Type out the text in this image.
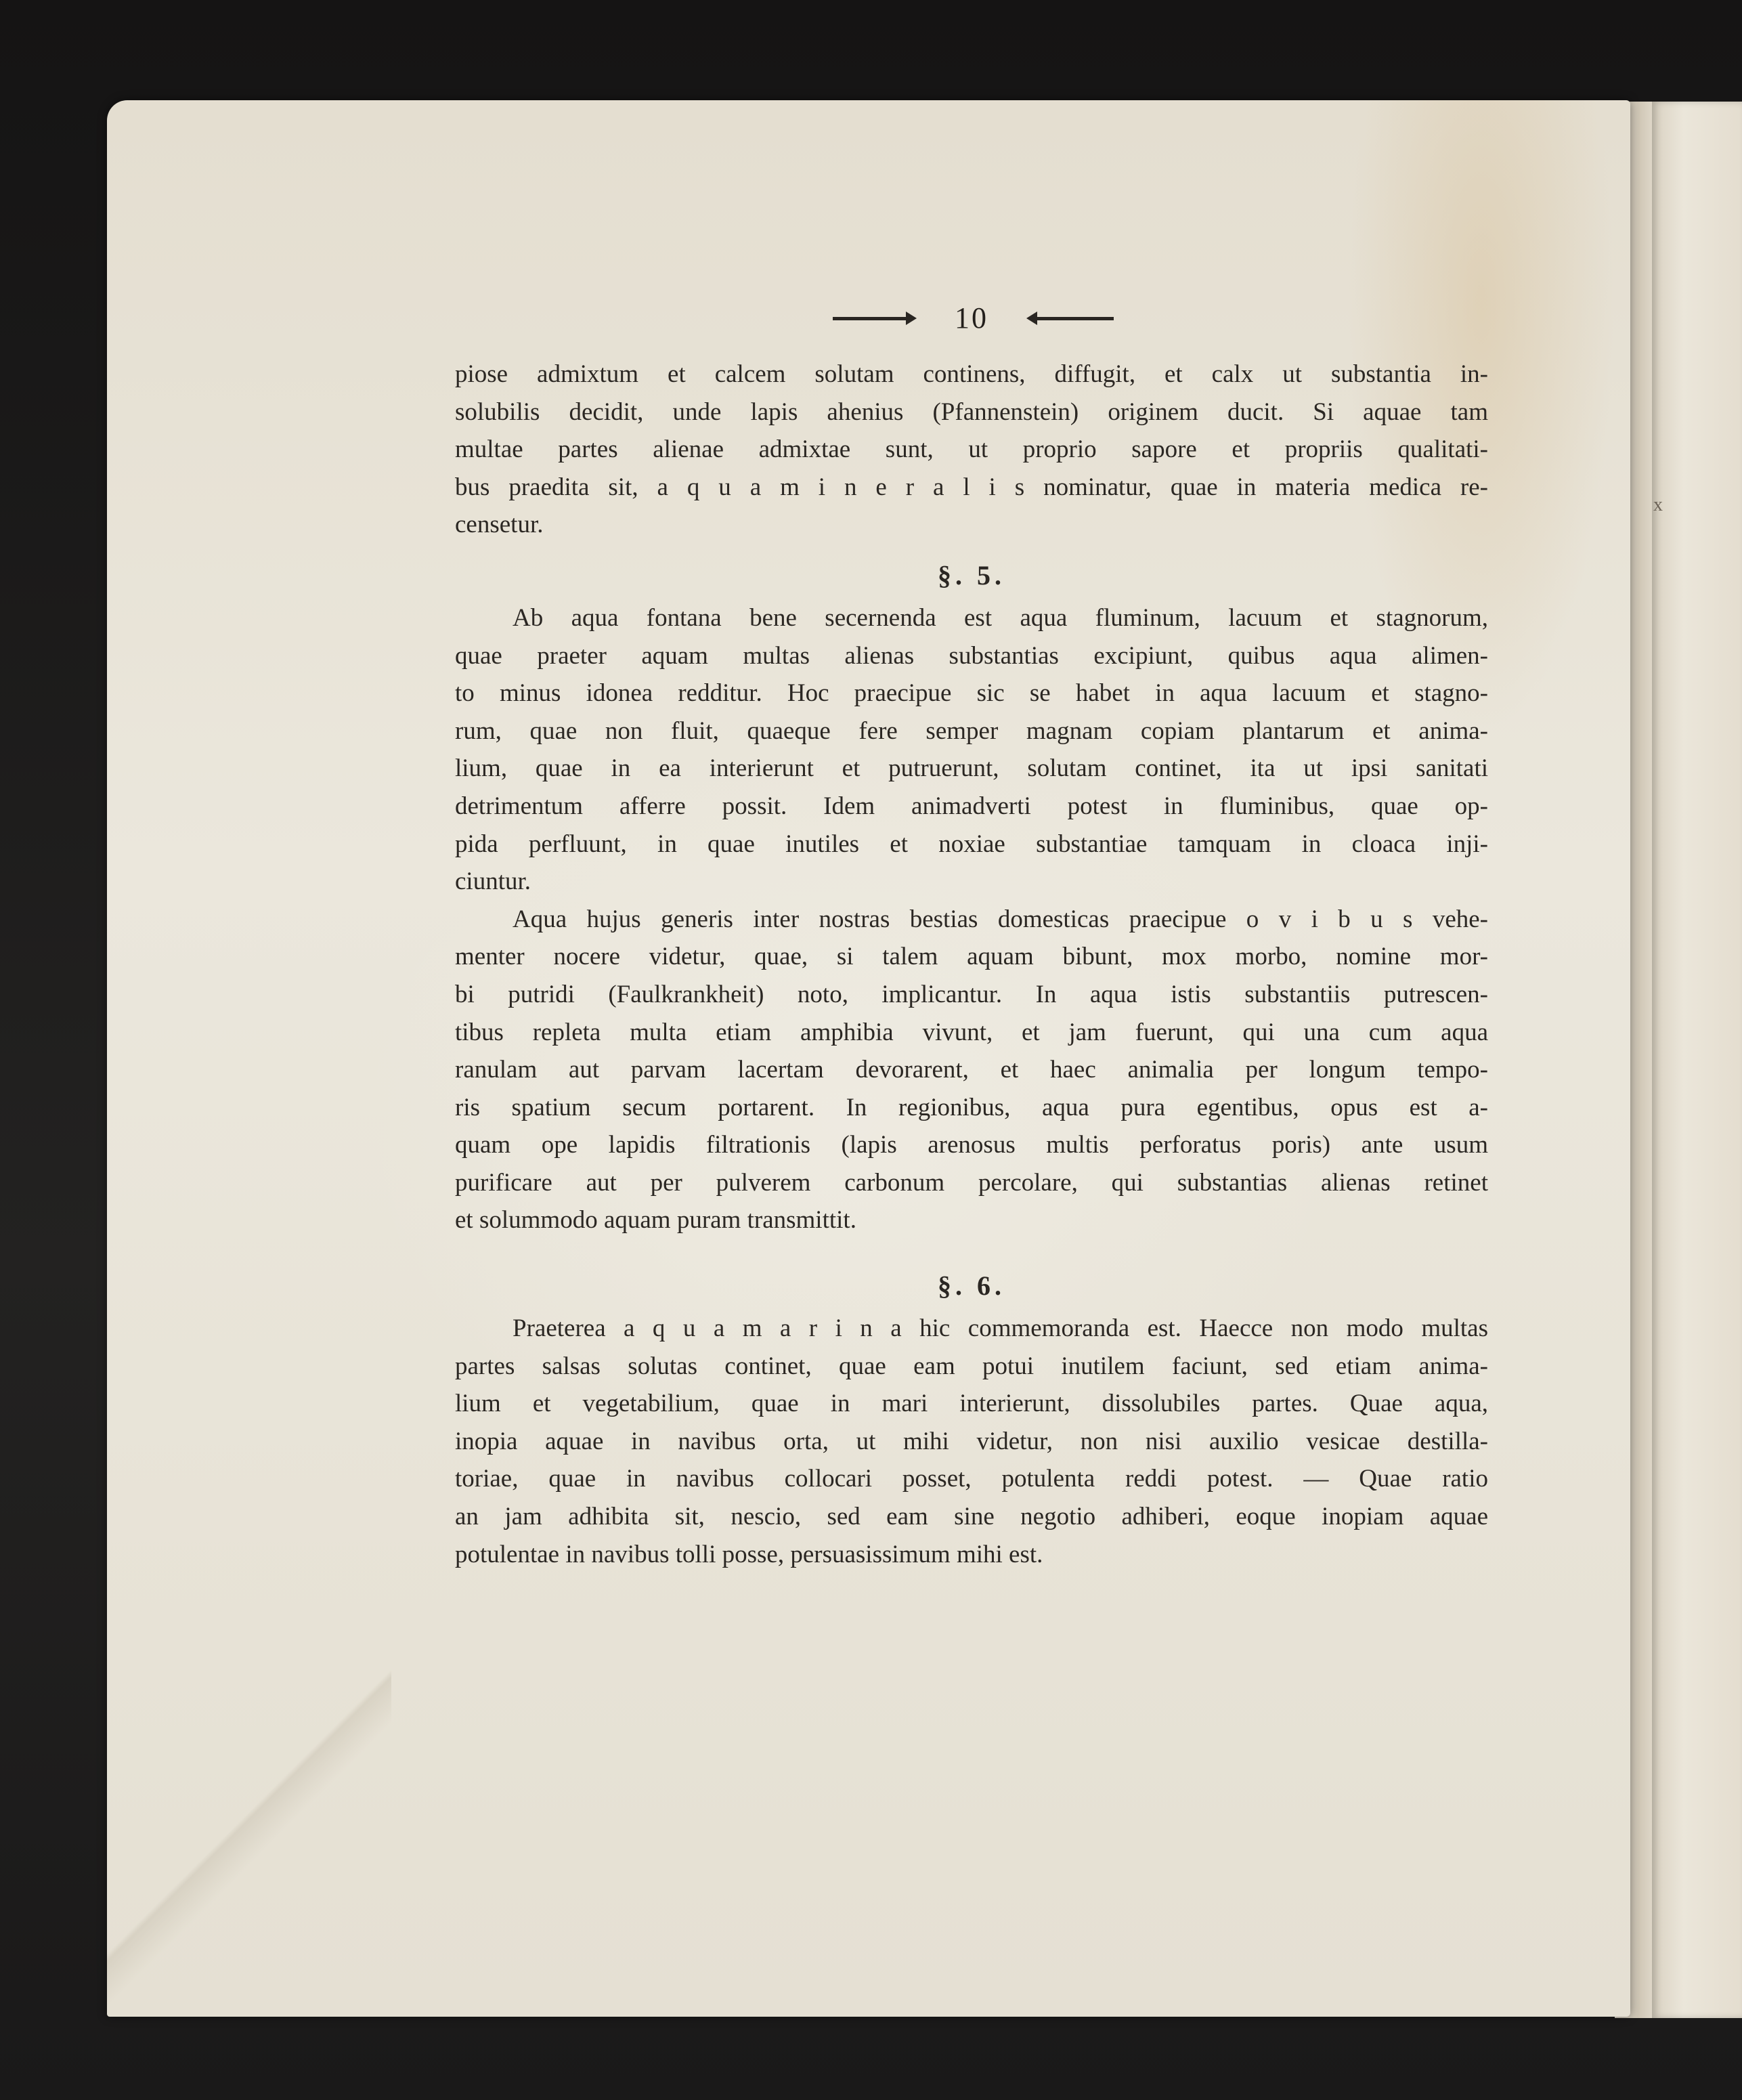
x
10
piose admixtum et calcem solutam continens, diffugit, et calx ut substantia in-
solubilis decidit, unde lapis ahenius (Pfannenstein) originem ducit. Si aquae tam
multae partes alienae admixtae sunt, ut proprio sapore et propriis qualitati-
bus praedita sit, a q u a m i n e r a l i s nominatur, quae in materia medica re-
censetur.
§. 5.
Ab aqua fontana bene secernenda est aqua fluminum, lacuum et stagnorum,
quae praeter aquam multas alienas substantias excipiunt, quibus aqua alimen-
to minus idonea redditur. Hoc praecipue sic se habet in aqua lacuum et stagno-
rum, quae non fluit, quaeque fere semper magnam copiam plantarum et anima-
lium, quae in ea interierunt et putruerunt, solutam continet, ita ut ipsi sanitati
detrimentum afferre possit. Idem animadverti potest in fluminibus, quae op-
pida perfluunt, in quae inutiles et noxiae substantiae tamquam in cloaca inji-
ciuntur.
Aqua hujus generis inter nostras bestias domesticas praecipue o v i b u s vehe-
menter nocere videtur, quae, si talem aquam bibunt, mox morbo, nomine mor-
bi putridi (Faulkrankheit) noto, implicantur. In aqua istis substantiis putrescen-
tibus repleta multa etiam amphibia vivunt, et jam fuerunt, qui una cum aqua
ranulam aut parvam lacertam devorarent, et haec animalia per longum tempo-
ris spatium secum portarent. In regionibus, aqua pura egentibus, opus est a-
quam ope lapidis filtrationis (lapis arenosus multis perforatus poris) ante usum
purificare aut per pulverem carbonum percolare, qui substantias alienas retinet
et solummodo aquam puram transmittit.
§. 6.
Praeterea a q u a m a r i n a hic commemoranda est. Haecce non modo multas
partes salsas solutas continet, quae eam potui inutilem faciunt, sed etiam anima-
lium et vegetabilium, quae in mari interierunt, dissolubiles partes. Quae aqua,
inopia aquae in navibus orta, ut mihi videtur, non nisi auxilio vesicae destilla-
toriae, quae in navibus collocari posset, potulenta reddi potest. — Quae ratio
an jam adhibita sit, nescio, sed eam sine negotio adhiberi, eoque inopiam aquae
potulentae in navibus tolli posse, persuasissimum mihi est.
